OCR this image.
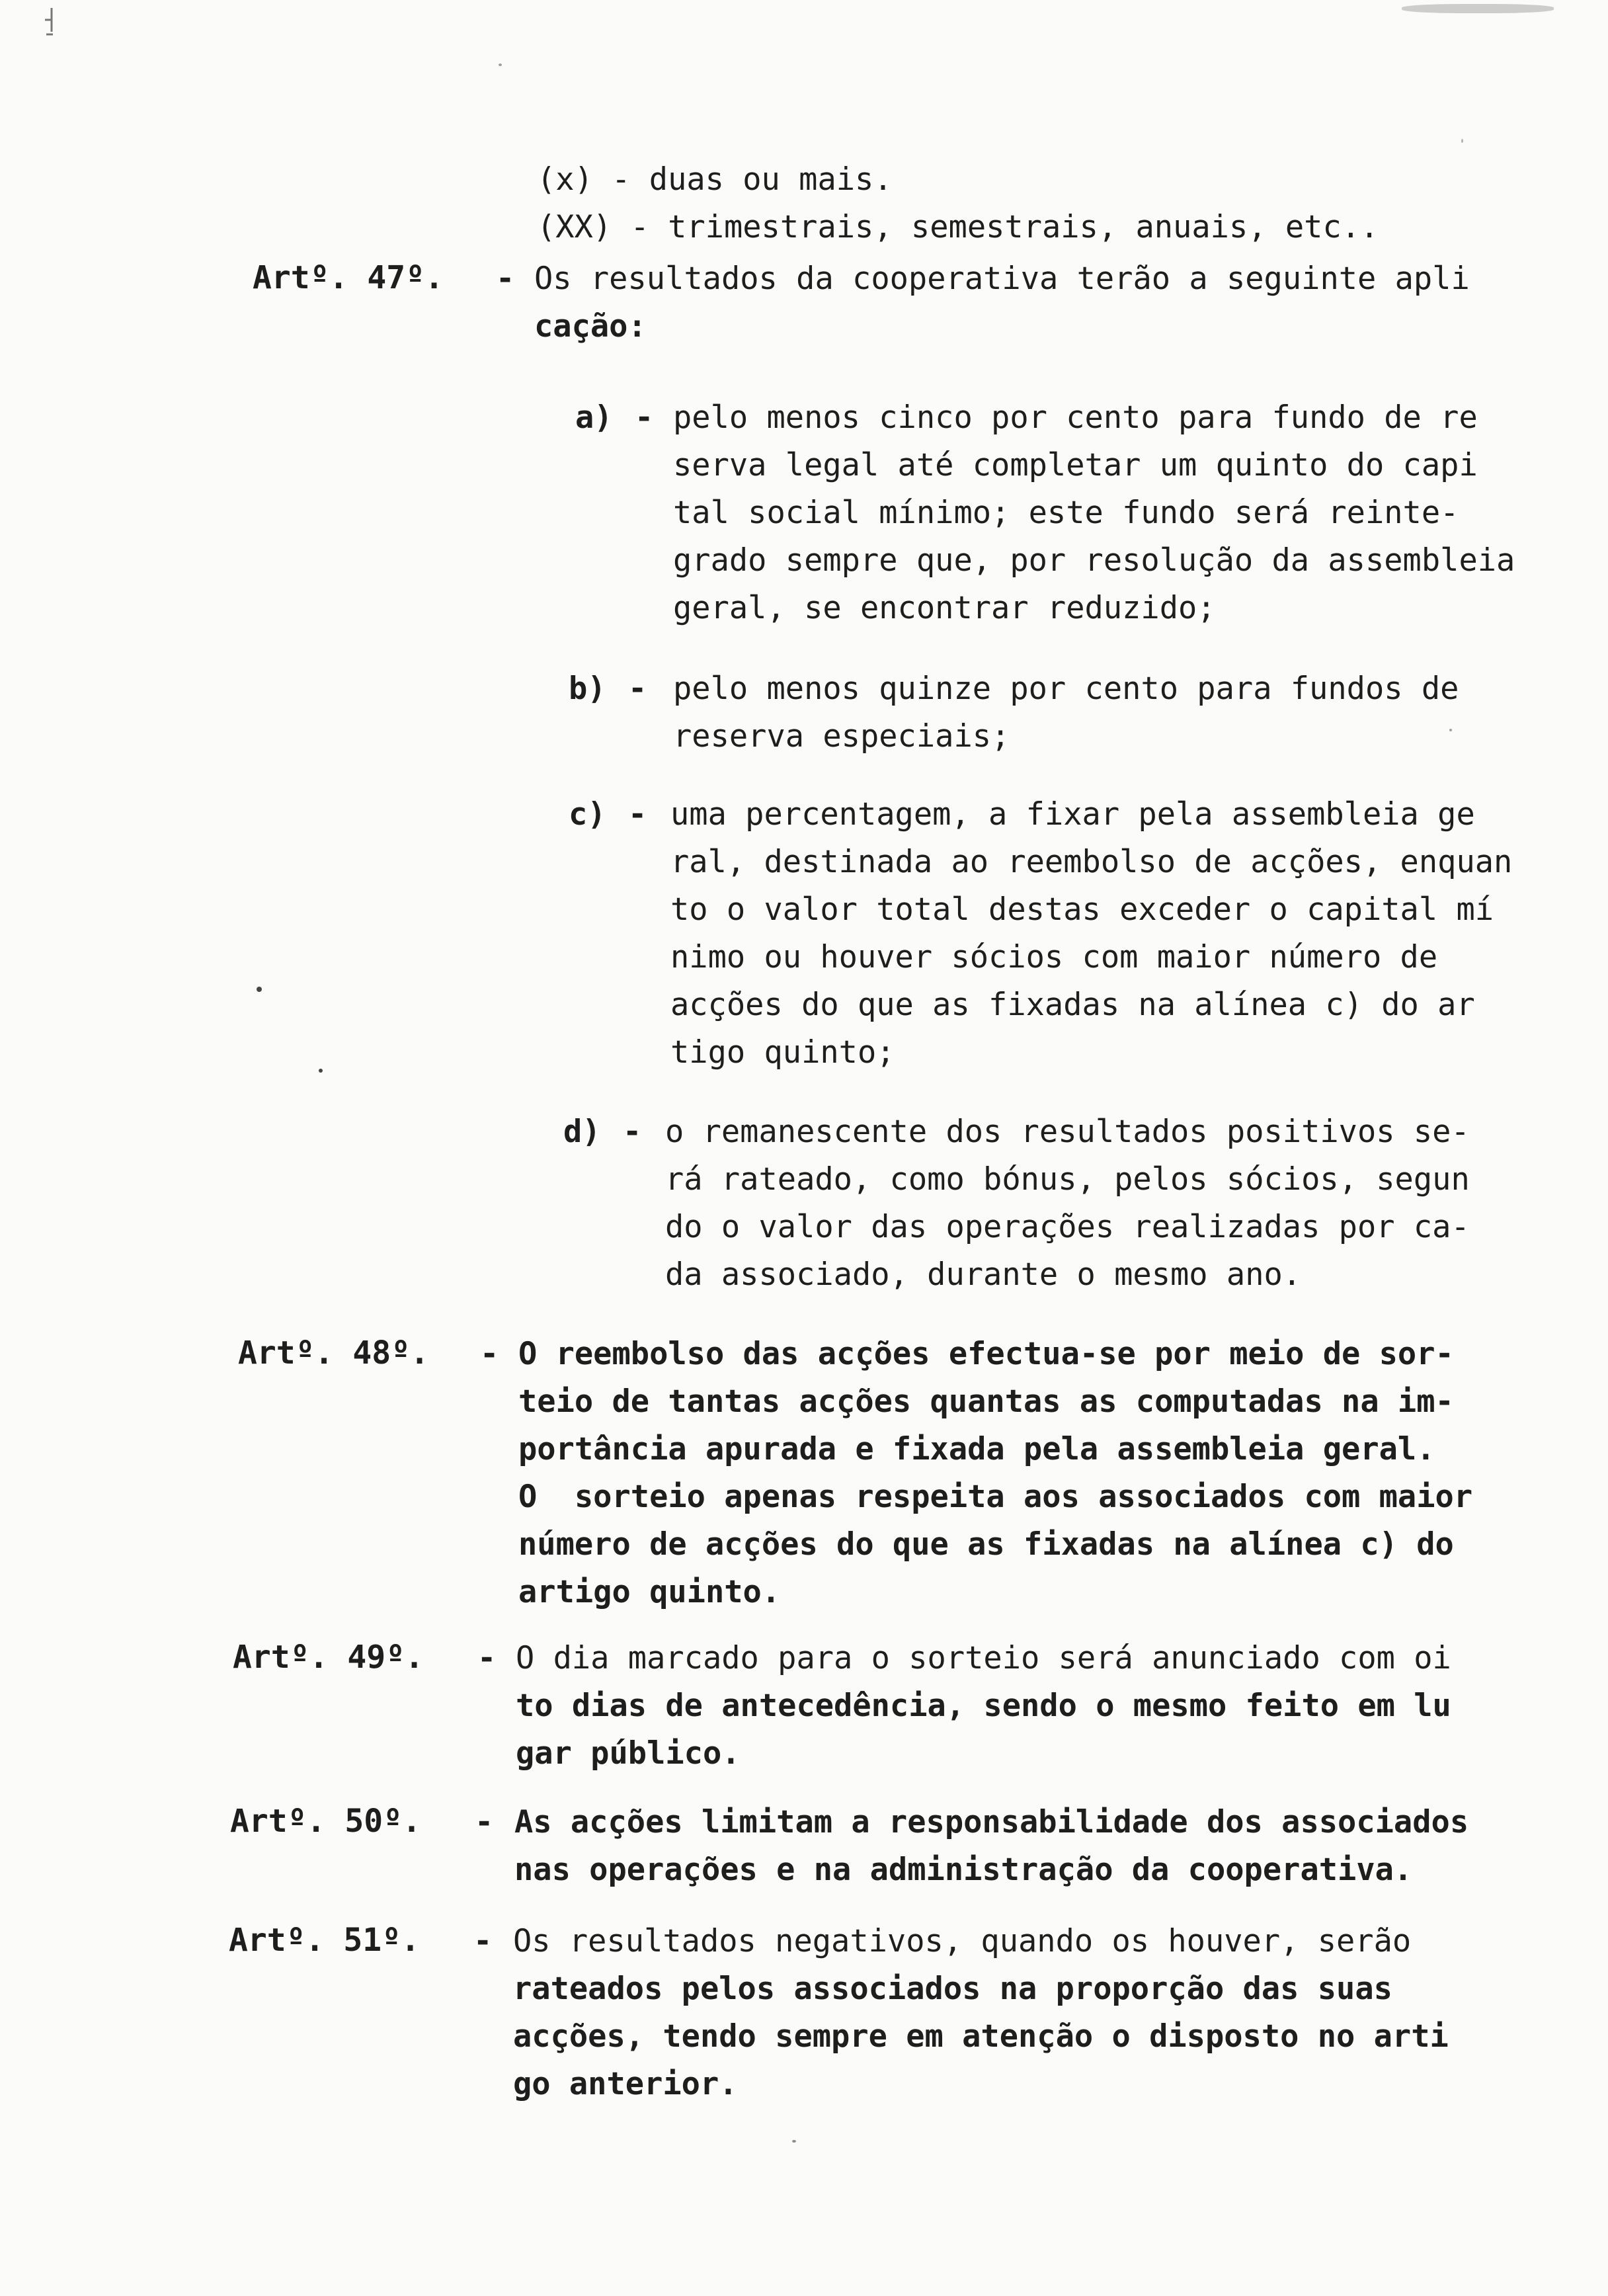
(x) - duas ou mais.

(XX) - trimestrais, semestrais, anuais, etc..

Artº. 47º. - Os resultados da cooperativa terão a seguinte apli

cação:

a) - pelo menos cinco por cento para fundo de re

serva legal até completar um quinto do capi

tal social mínimo; este fundo será reinte-

grado sempre que, por resolução da assembleia

geral, se encontrar reduzido;

b) - pelo menos quinze por cento para fundos de

reserva especiais;

c) - uma percentagem, a fixar pela assembleia ge

ral, destinada ao reembolso de acções, enquan

to o valor total destas exceder o capital mí

nimo ou houver sócios com maior número de

acções do que as fixadas na alínea c) do ar

tigo quinto;

d) - o remanescente dos resultados positivos se-

rá rateado, como bónus, pelos sócios, segun

do o valor das operações realizadas por ca-

da associado, durante o mesmo ano.

Artº. 48º. - O reembolso das acções efectua-se por meio de sor-

teio de tantas acções quantas as computadas na im-

portância apurada e fixada pela assembleia geral.

O  sorteio apenas respeita aos associados com maior

número de acções do que as fixadas na alínea c) do

artigo quinto.

Artº. 49º. - O dia marcado para o sorteio será anunciado com oi

to dias de antecedência, sendo o mesmo feito em lu

gar público.

Artº. 50º. - As acções limitam a responsabilidade dos associados

nas operações e na administração da cooperativa.

Artº. 51º. - Os resultados negativos, quando os houver, serão

rateados pelos associados na proporção das suas

acções, tendo sempre em atenção o disposto no arti

go anterior.
